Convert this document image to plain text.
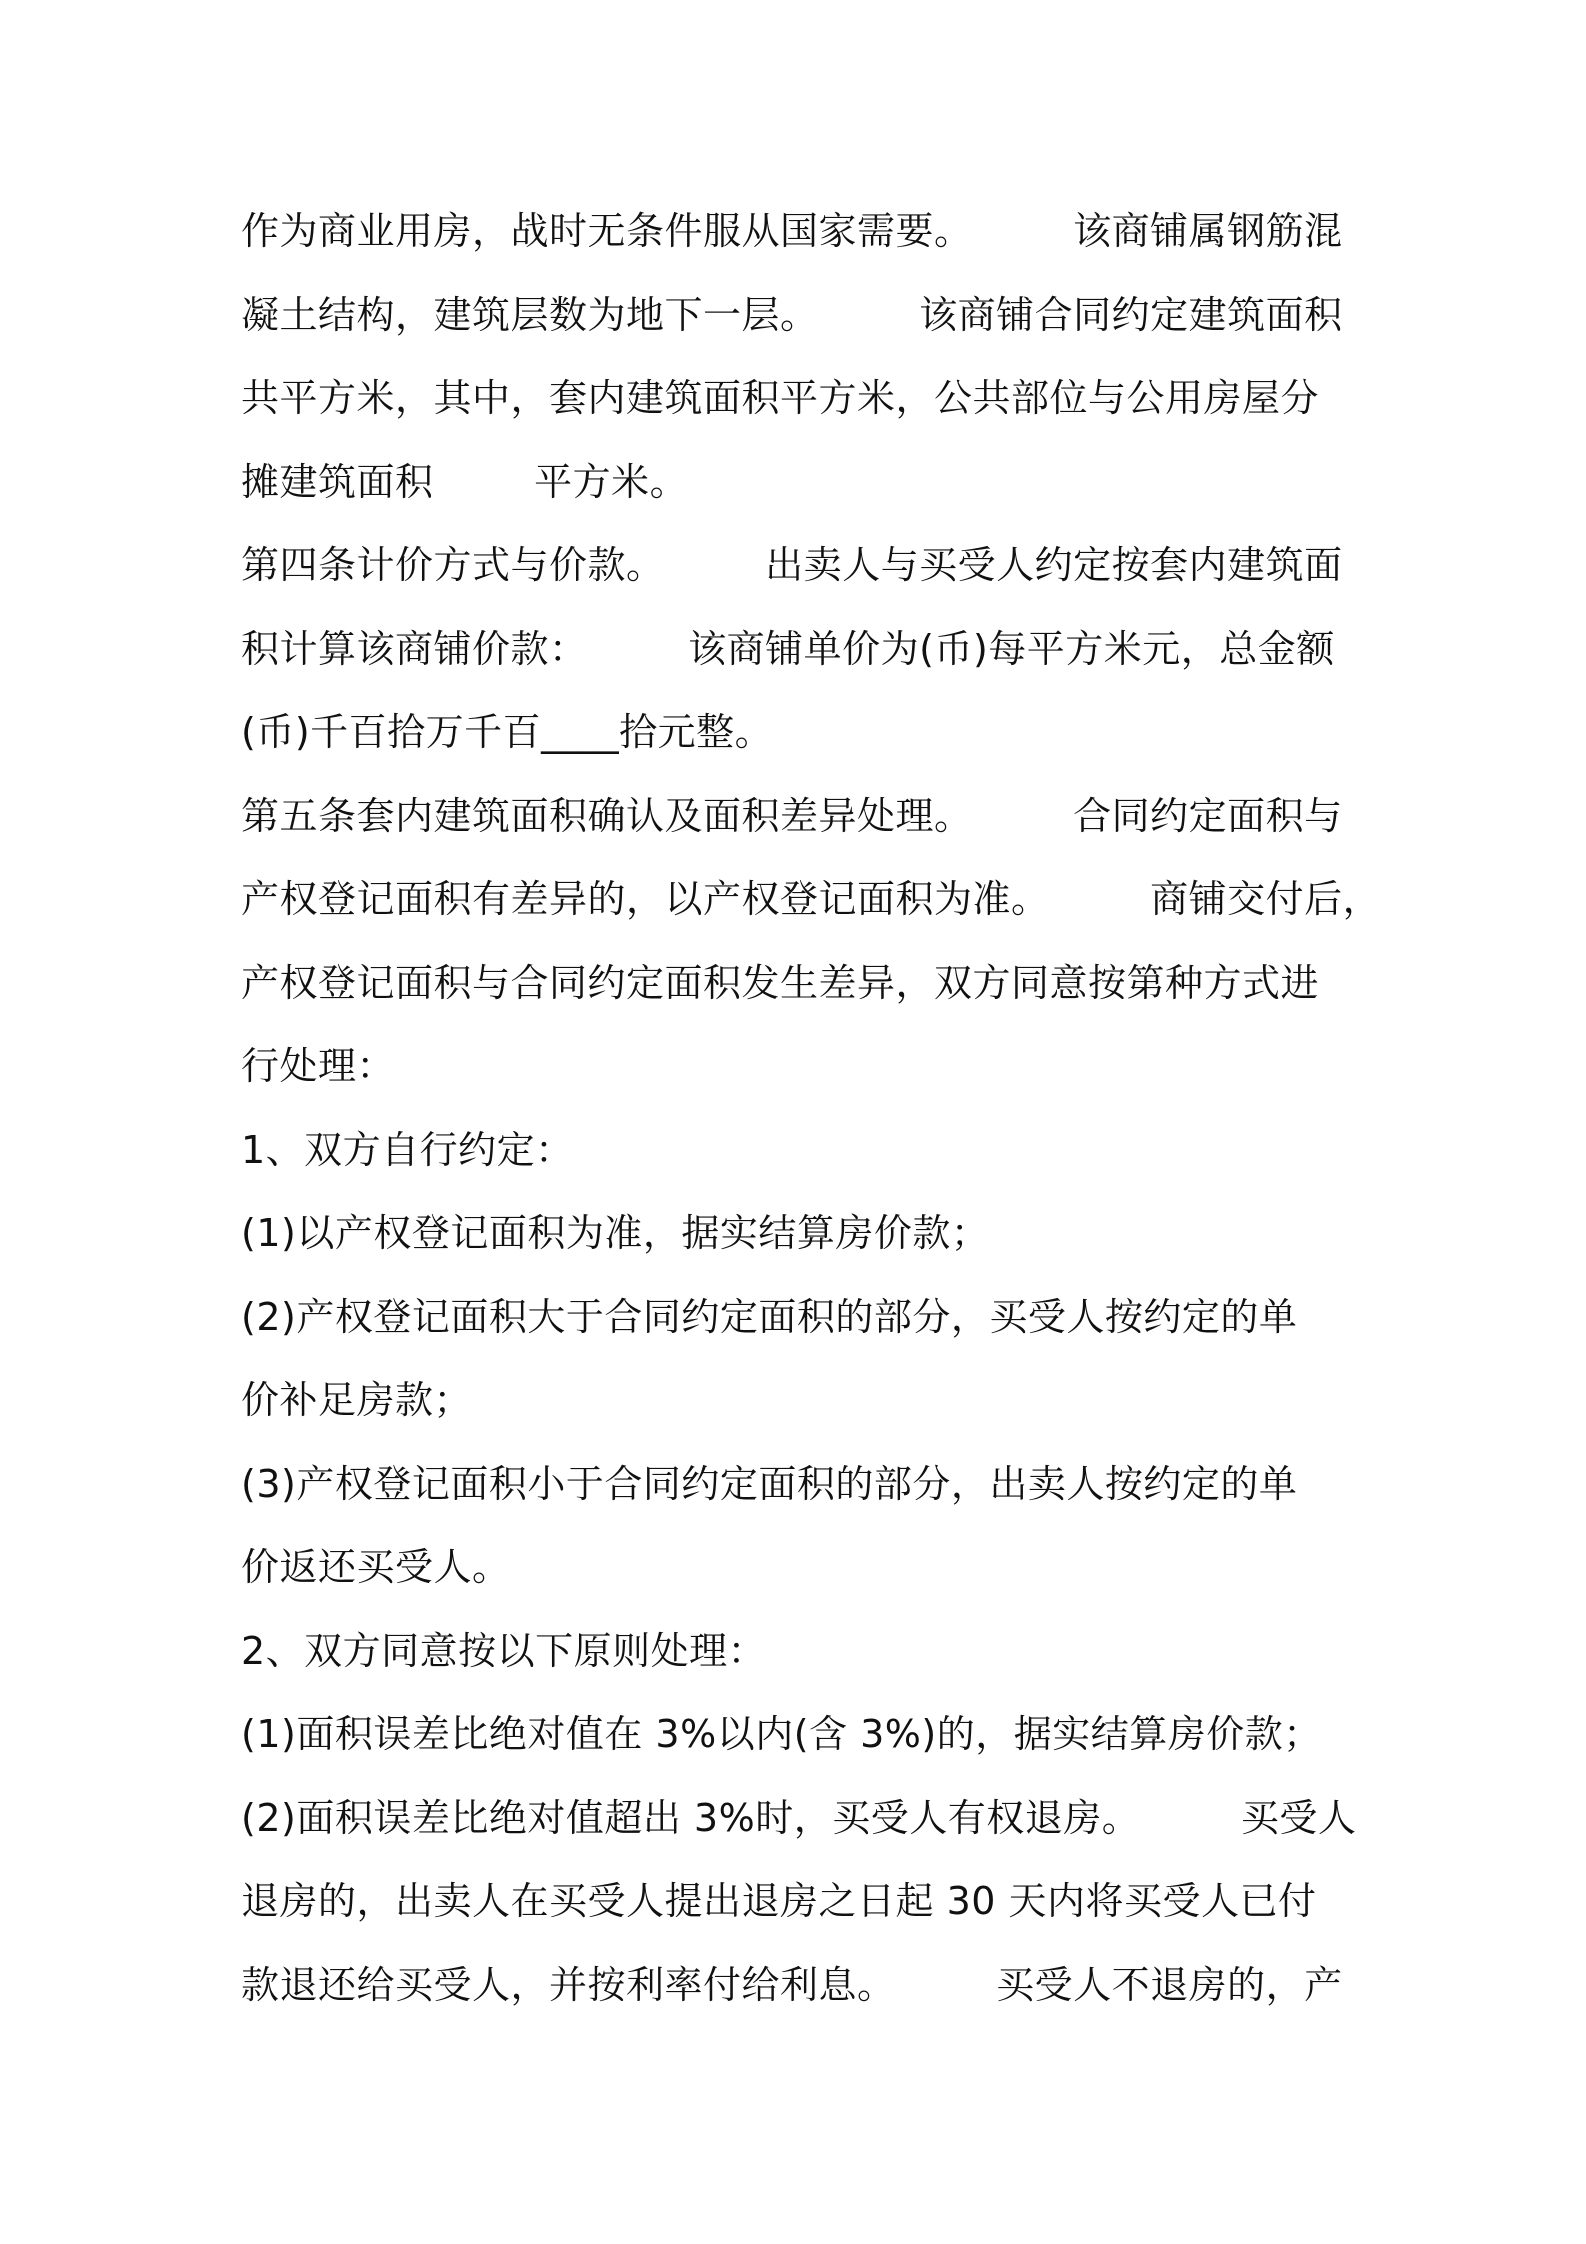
作为商业用房，战时无条件服从国家需要。        该商铺属钢筋混
凝土结构，建筑层数为地下一层。        该商铺合同约定建筑面积
共平方米，其中，套内建筑面积平方米，公共部位与公用房屋分
摊建筑面积        平方米。
第四条计价方式与价款。        出卖人与买受人约定按套内建筑面
积计算该商铺价款：        该商铺单价为(币)每平方米元，总金额
(币)千百拾万千百____拾元整。
第五条套内建筑面积确认及面积差异处理。        合同约定面积与
产权登记面积有差异的，以产权登记面积为准。        商铺交付后，
产权登记面积与合同约定面积发生差异，双方同意按第种方式进
行处理：
1、双方自行约定：
(1)以产权登记面积为准，据实结算房价款；
(2)产权登记面积大于合同约定面积的部分，买受人按约定的单
价补足房款；
(3)产权登记面积小于合同约定面积的部分，出卖人按约定的单
价返还买受人。
2、双方同意按以下原则处理：
(1)面积误差比绝对值在 3%以内(含 3%)的，据实结算房价款；
(2)面积误差比绝对值超出 3%时，买受人有权退房。        买受人
退房的，出卖人在买受人提出退房之日起 30 天内将买受人已付
款退还给买受人，并按利率付给利息。        买受人不退房的，产
